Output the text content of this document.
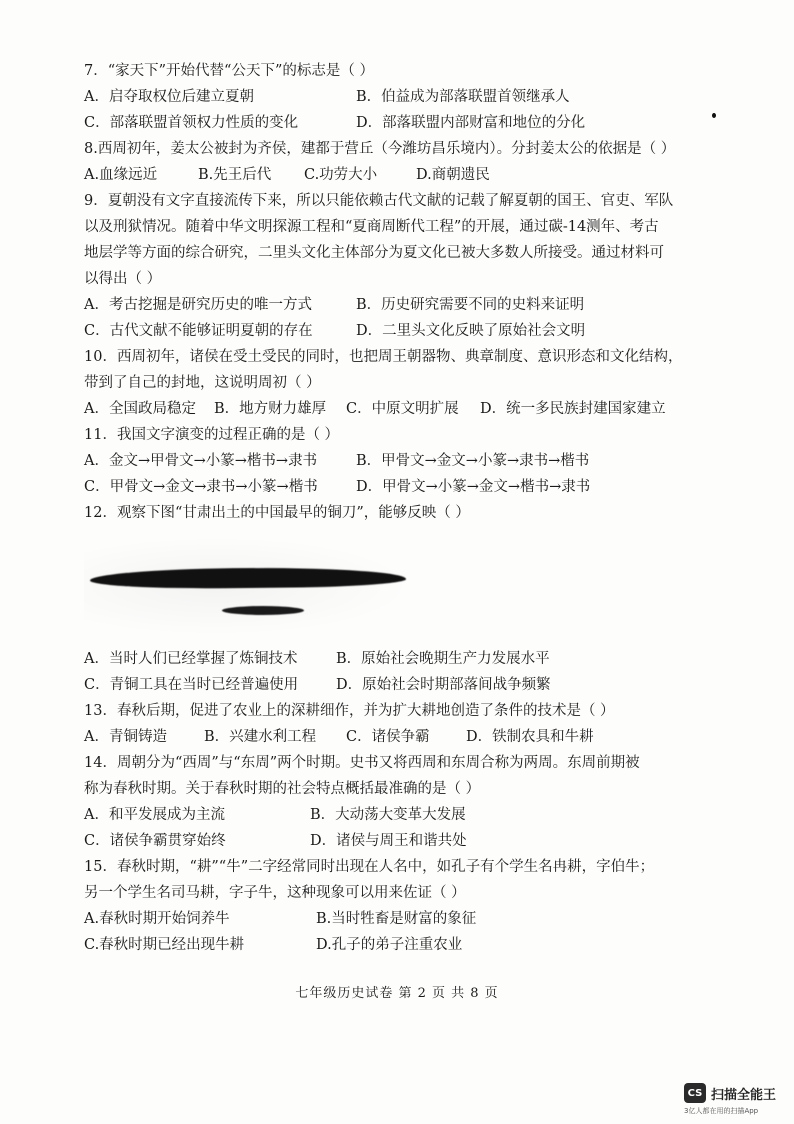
7．“家天下”开始代替“公天下”的标志是（ ）
A．启夺取权位后建立夏朝	B．伯益成为部落联盟首领继承人
C．部落联盟首领权力性质的变化	D．部落联盟内部财富和地位的分化
8.西周初年，姜太公被封为齐侯，建都于营丘（今潍坊昌乐境内）。分封姜太公的依据是（ ）
A.血缘远近	B.先王后代	C.功劳大小	D.商朝遗民
9．夏朝没有文字直接流传下来，所以只能依赖古代文献的记载了解夏朝的国王、官吏、军队
以及刑狱情况。随着中华文明探源工程和“夏商周断代工程”的开展，通过碳-14测年、考古
地层学等方面的综合研究，二里头文化主体部分为夏文化已被大多数人所接受。通过材料可
以得出（ ）
A．考古挖掘是研究历史的唯一方式	B．历史研究需要不同的史料来证明
C．古代文献不能够证明夏朝的存在	D．二里头文化反映了原始社会文明
10．西周初年，诸侯在受土受民的同时，也把周王朝器物、典章制度、意识形态和文化结构，
带到了自己的封地，这说明周初（ ）
A．全国政局稳定	B．地方财力雄厚	C．中原文明扩展	D．统一多民族封建国家建立
11．我国文字演变的过程正确的是（ ）
A．金文→甲骨文→小篆→楷书→隶书	B．甲骨文→金文→小篆→隶书→楷书
C．甲骨文→金文→隶书→小篆→楷书	D．甲骨文→小篆→金文→楷书→隶书
12．观察下图“甘肃出土的中国最早的铜刀”，能够反映（ ）
A．当时人们已经掌握了炼铜技术	B．原始社会晚期生产力发展水平
C．青铜工具在当时已经普遍使用	D．原始社会时期部落间战争频繁
13．春秋后期，促进了农业上的深耕细作，并为扩大耕地创造了条件的技术是（ ）
A．青铜铸造	B．兴建水利工程	C．诸侯争霸	D．铁制农具和牛耕
14．周朝分为“西周”与“东周”两个时期。史书又将西周和东周合称为两周。东周前期被
称为春秋时期。关于春秋时期的社会特点概括最准确的是（ ）
A．和平发展成为主流	B．大动荡大变革大发展
C．诸侯争霸贯穿始终	D．诸侯与周王和谐共处
15．春秋时期，“耕”“牛”二字经常同时出现在人名中，如孔子有个学生名冉耕，字伯牛；
另一个学生名司马耕，字子牛，这种现象可以用来佐证（ ）
A.春秋时期开始饲养牛	B.当时牲畜是财富的象征
C.春秋时期已经出现牛耕	D.孔子的弟子注重农业
七年级历史试卷 第 2 页 共 8 页
CS 扫描全能王
3亿人都在用的扫描App
